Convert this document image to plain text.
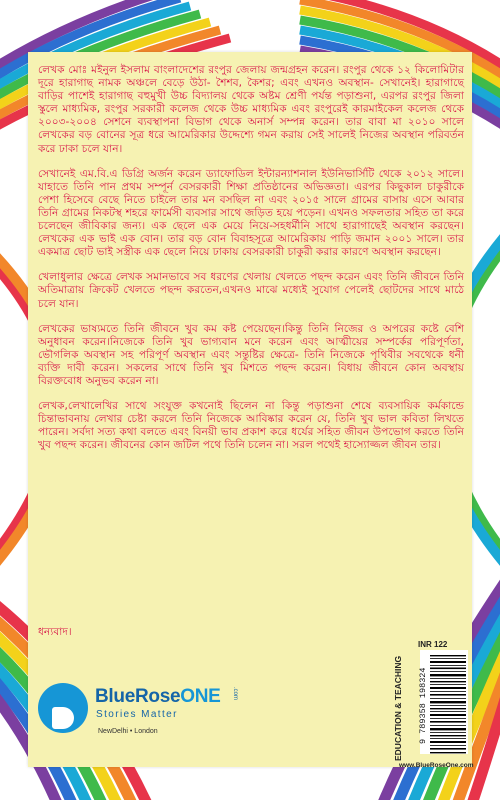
লেখক মোঃ মইনুল ইসলাম বাংলাদেশের রংপুর জেলায় জন্মগ্রহন করেন। রংপুর থেকে ১২ কিলোমিটার দূরে হারাগাছ নামক অঞ্চলে বেড়ে উঠা- শৈশব, কৈশর; এবং এখনও অবস্থান- সেখানেই। হারাগাছে বাড়ির পাশেই হারাগাছ বহুমুখী উচ্চ বিদ্যালয় থেকে অষ্টম শ্রেণী পর্যন্ত পড়াশুনা, এরপর রংপুর জিলা স্কুলে মাধ্যমিক, রংপুর সরকারী কলেজ থেকে উচ্চ মাধ্যমিক এবং রংপুরেই কারমাইকেল কলেজ থেকে ২০০৩-২০০৪ সেশনে ব্যবস্থাপনা বিভাগ থেকে অনার্স সম্পন্ন করেন। তার বাবা মা ২০১০ সালে লেখকের বড় বোনের সূত্র ধরে আমেরিকার উদ্দেশ্যে গমন করায় সেই সালেই নিজের অবস্থান পরিবর্তন করে ঢাকা চলে যান।

সেখানেই এম.বি.এ ডিগ্রি অর্জন করেন ড্যাফোডিল ইন্টারন্যাশনাল ইউনিভার্সিটি থেকে ২০১২ সালে। যাহাতে তিনি পান প্রথম সম্পূর্ন বেসরকারী শিক্ষা প্রতিষ্ঠানের অভিজ্ঞতা। এরপর কিছুকাল চাকুরীকে পেশা হিসেবে বেছে নিতে চাইলে তার মন বসছিল না এবং ২০১৫ সালে গ্রামের বাসায় এসে আবার তিনি গ্রামের নিকটস্থ শহরে ফার্মেসী ব্যবসার সাথে জড়িত হয়ে পড়েন। এখনও সফলতার সহিত তা করে চলেছেন জীবিকার জন্য। এক ছেলে এক মেয়ে নিয়ে-সহধর্মীনি সাথে হারাগাছেই অবস্থান করছেন। লেখকের এক ভাই এক বোন। তার বড় বোন বিবাহসূত্রে আমেরিকায় পাড়ি জমান ২০০১ সালে। তার একমাত্র ছোট ভাই সস্ত্রীক এক ছেলে নিয়ে ঢাকায় বেসরকারী চাকুরী করার কারণে অবস্থান করছেন।

খেলাধুলার ক্ষেত্রে লেখক সমানভাবে সব ধরণের খেলায় খেলতে পছন্দ করেন এবং তিনি জীবনে তিনি অতিমাত্রায় ক্রিকেট খেলতে পছন্দ করতেন,এখনও মাঝে মধ্যেই সুযোগ পেলেই ছোটদের সাথে মাঠে চলে যান।

লেখকের ভাষ্যমতে তিনি জীবনে খুব কম কষ্ট পেয়েছেন।কিন্তু তিনি নিজের ও অপরের কষ্টে বেশি অনুধাবন করেন।নিজেকে তিনি খুব ভাগ্যবান মনে করেন এবং আত্মীয়ের সম্পর্কের পরিপূর্ণতা, ভৌগলিক অবস্থান সহ পরিপূর্ণ অবস্থান এবং সন্তুষ্টির ক্ষেত্রে- তিনি নিজেকে পৃথিবীর সবথেকে ধনী ব্যক্তি দাবী করেন। সকলের সাথে তিনি খুব মিশতে পছন্দ করেন। বিধায় জীবনে কোন অবস্থায় বিরক্তবোধ অনুভব করেন না।

লেখক,লেখালেখির সাথে সংযুক্ত কখনোই ছিলেন না কিন্তু পড়াশুনা শেষে ব্যবসায়িক কর্মকান্ডে চিন্তাভাবনায় লেখার চেষ্টা করলে তিনি নিজেকে আবিষ্কার করেন যে, তিনি খুব ভাল কবিতা লিখতে পারেন। সর্বদা সত্য কথা বলতে এবং বিনয়ী ভাব প্রকাশ করে ধর্যের সহিত জীবন উপভোগ করতে তিনি খুব পছন্দ করেন। জীবনের কোন জটিল পথে তিনি চলেন না। সরল পথেই হাস্যোজ্জল জীবন তার।

ধন্যবাদ।
BlueRoseONE .com
Stories Matter
NewDelhi • London	EDUCATION & TEACHING
INR 122
9 789358 198324
www.BlueRoseOne.com
